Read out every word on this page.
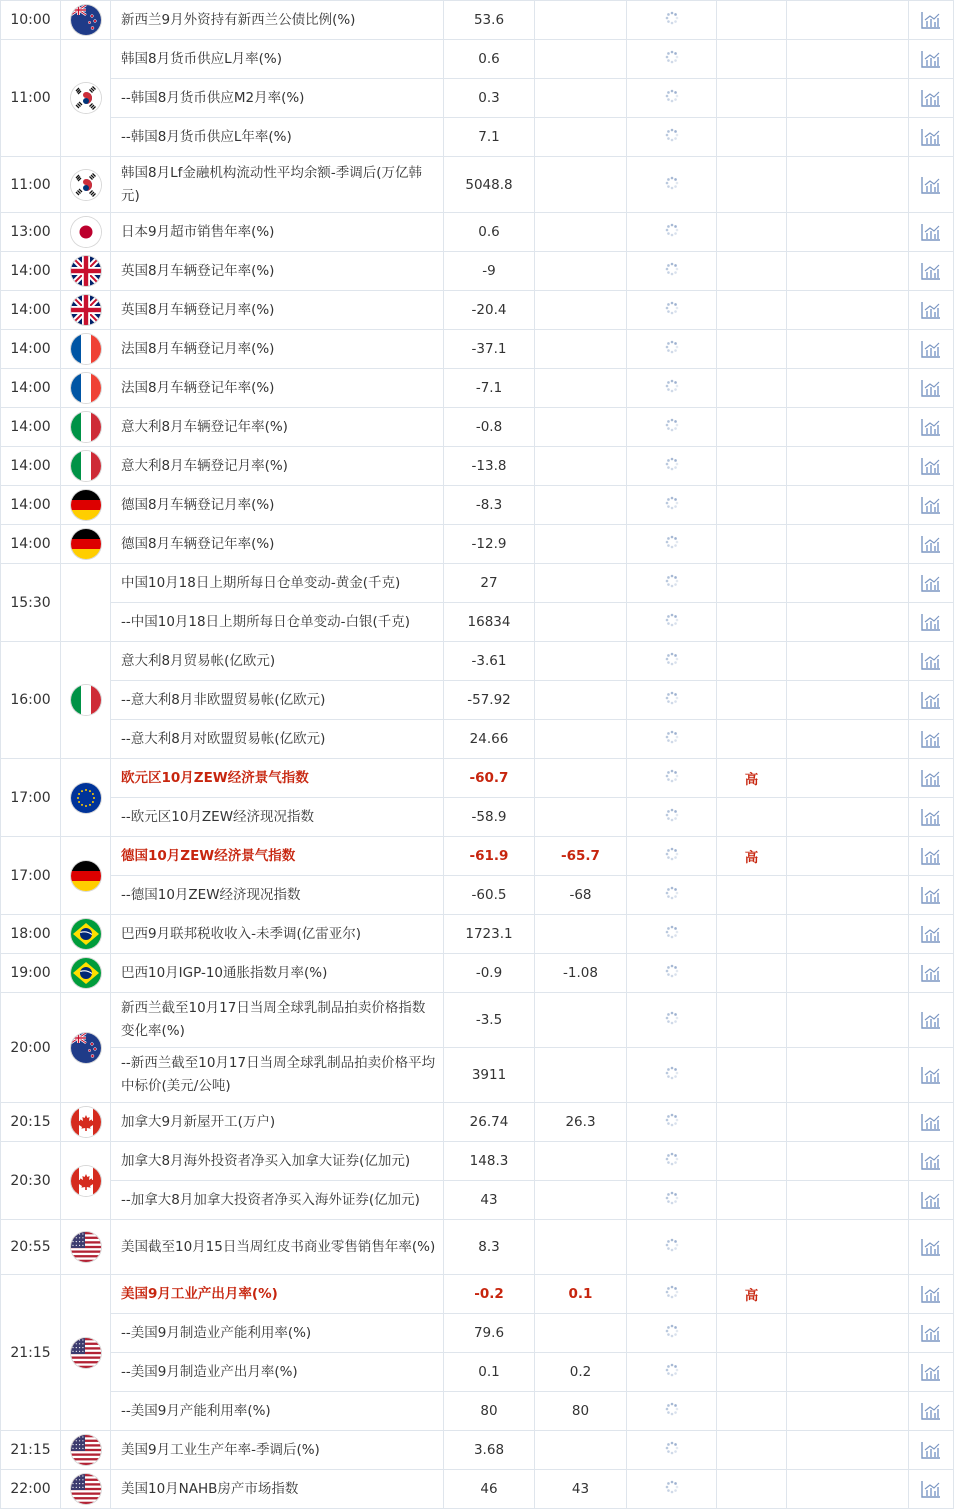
10:00		新西兰9月外资持有新西兰公债比例(%)	53.6					
11:00		韩国8月货币供应L月率(%)	0.6					
		--韩国8月货币供应M2月率(%)	0.3					
		--韩国8月货币供应L年率(%)	7.1					
11:00		韩国8月Lf金融机构流动性平均余额-季调后(万亿韩元)	5048.8					
13:00		日本9月超市销售年率(%)	0.6					
14:00		英国8月车辆登记年率(%)	-9					
14:00		英国8月车辆登记月率(%)	-20.4					
14:00		法国8月车辆登记月率(%)	-37.1					
14:00		法国8月车辆登记年率(%)	-7.1					
14:00		意大利8月车辆登记年率(%)	-0.8					
14:00		意大利8月车辆登记月率(%)	-13.8					
14:00		德国8月车辆登记月率(%)	-8.3					
14:00		德国8月车辆登记年率(%)	-12.9					
15:30		中国10月18日上期所每日仓单变动-黄金(千克)	27					
		--中国10月18日上期所每日仓单变动-白银(千克)	16834					
16:00		意大利8月贸易帐(亿欧元)	-3.61					
		--意大利8月非欧盟贸易帐(亿欧元)	-57.92					
		--意大利8月对欧盟贸易帐(亿欧元)	24.66					
17:00		欧元区10月ZEW经济景气指数	-60.7			高		
		--欧元区10月ZEW经济现况指数	-58.9					
17:00		德国10月ZEW经济景气指数	-61.9	-65.7		高		
		--德国10月ZEW经济现况指数	-60.5	-68				
18:00		巴西9月联邦税收收入-未季调(亿雷亚尔)	1723.1					
19:00		巴西10月IGP-10通胀指数月率(%)	-0.9	-1.08				
20:00		新西兰截至10月17日当周全球乳制品拍卖价格指数变化率(%)	-3.5					
		--新西兰截至10月17日当周全球乳制品拍卖价格平均中标价(美元/公吨)	3911					
20:15		加拿大9月新屋开工(万户)	26.74	26.3				
20:30		加拿大8月海外投资者净买入加拿大证券(亿加元)	148.3					
		--加拿大8月加拿大投资者净买入海外证券(亿加元)	43					
20:55		美国截至10月15日当周红皮书商业零售销售年率(%)	8.3					
21:15		美国9月工业产出月率(%)	-0.2	0.1		高		
		--美国9月制造业产能利用率(%)	79.6					
		--美国9月制造业产出月率(%)	0.1	0.2				
		--美国9月产能利用率(%)	80	80				
21:15		美国9月工业生产年率-季调后(%)	3.68					
22:00		美国10月NAHB房产市场指数	46	43				
